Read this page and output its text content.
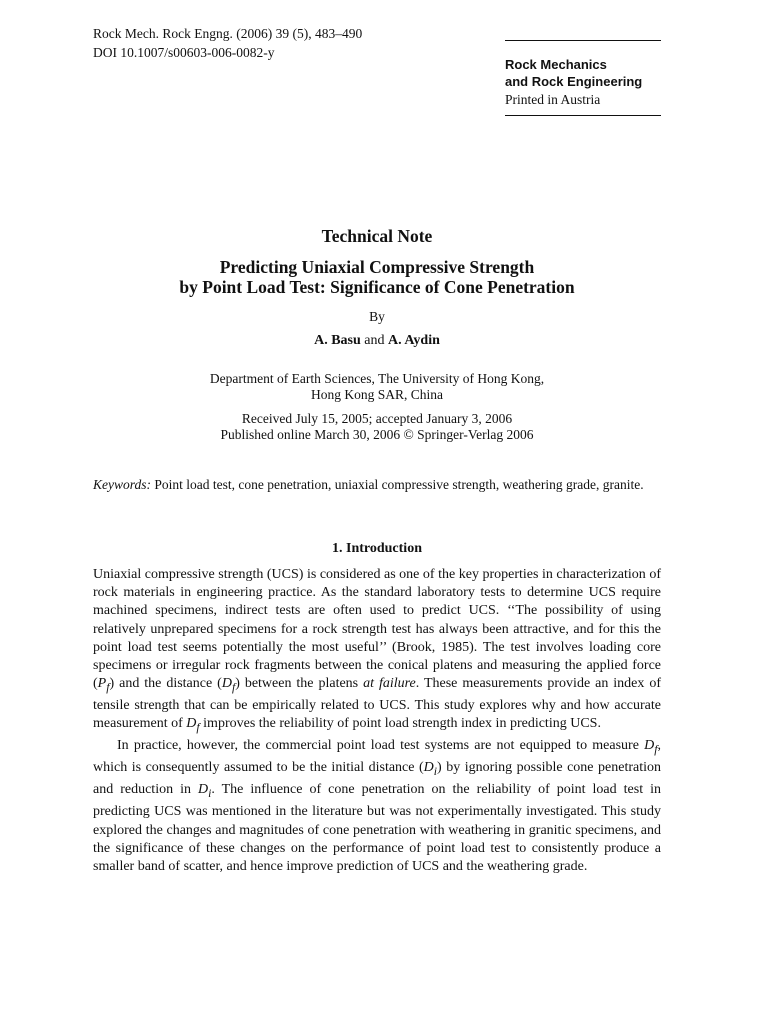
Rock Mech. Rock Engng. (2006) 39 (5), 483–490
DOI 10.1007/s00603-006-0082-y
Rock Mechanics
and Rock Engineering
Printed in Austria
Technical Note
Predicting Uniaxial Compressive Strength
by Point Load Test: Significance of Cone Penetration
By
A. Basu and A. Aydin
Department of Earth Sciences, The University of Hong Kong,
Hong Kong SAR, China
Received July 15, 2005; accepted January 3, 2006
Published online March 30, 2006 © Springer-Verlag 2006
Keywords: Point load test, cone penetration, uniaxial compressive strength, weathering grade, granite.
1. Introduction

Uniaxial compressive strength (UCS) is considered as one of the key properties in characterization of rock materials in engineering practice. As the standard laboratory tests to determine UCS require machined specimens, indirect tests are often used to predict UCS. ‘‘The possibility of using relatively unprepared specimens for a rock strength test has always been attractive, and for this the point load test seems potentially the most useful’’ (Brook, 1985). The test involves loading core specimens or irregular rock fragments between the conical platens and measuring the applied force $(P_f)$ and the distance $(D_f)$ between the platens at failure. These measurements provide an index of tensile strength that can be empirically related to UCS. This study explores why and how accurate measurement of $D_f$ improves the reliability of point load strength index in predicting UCS.

In practice, however, the commercial point load test systems are not equipped to measure $D_f$, which is consequently assumed to be the initial distance $(D_i)$ by ignoring possible cone penetration and reduction in $D_i$. The influence of cone penetration on the reliability of point load test in predicting UCS was mentioned in the literature but was not experimentally investigated. This study explored the changes and magnitudes of cone penetration with weathering in granitic specimens, and the significance of these changes on the performance of point load test to consistently produce a smaller band of scatter, and hence improve prediction of UCS and the weathering grade.
